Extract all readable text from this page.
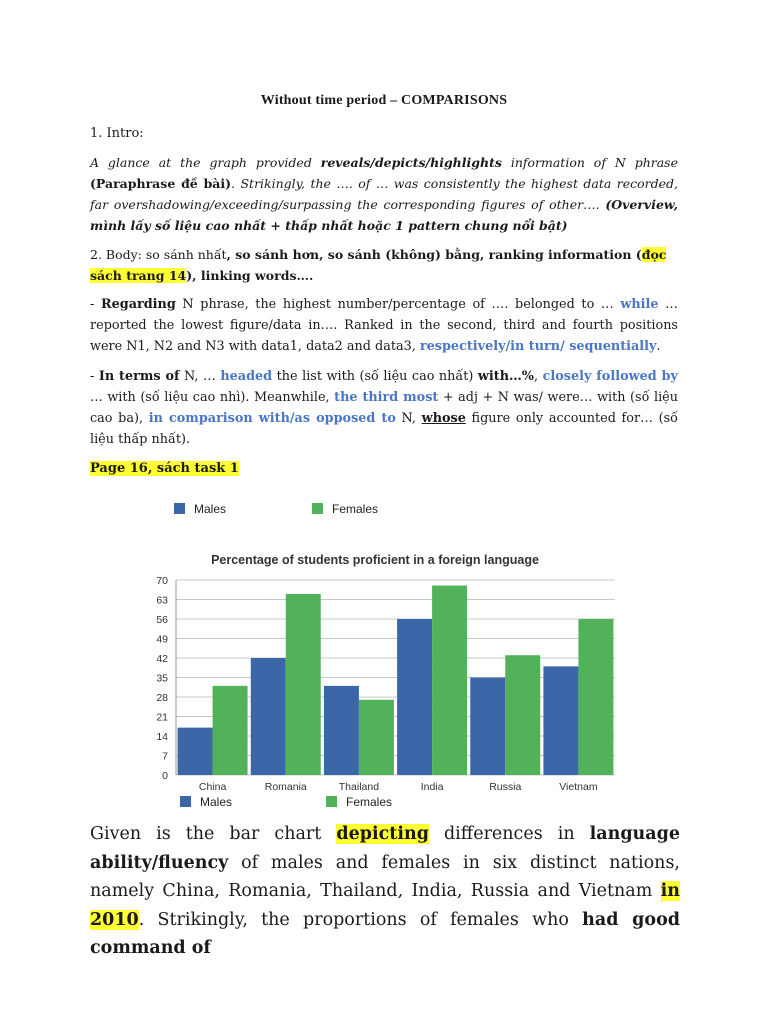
Without time period – COMPARISONS
1. Intro:
A glance at the graph provided reveals/depicts/highlights information of N phrase (Paraphrase đề bài). Strikingly, the …. of … was consistently the highest data recorded, far overshadowing/exceeding/surpassing the corresponding figures of other…. (Overview, mình lấy số liệu cao nhất + thấp nhất hoặc 1 pattern chung nổi bật)
2. Body: so sánh nhất, so sánh hơn, so sánh (không) bằng, ranking information (đọc sách trang 14), linking words….
- Regarding N phrase, the highest number/percentage of …. belonged to … while … reported the lowest figure/data in…. Ranked in the second, third and fourth positions were N1, N2 and N3 with data1, data2 and data3, respectively/in turn/ sequentially.
- In terms of N, … headed the list with (số liệu cao nhất) with…%, closely followed by … with (số liệu cao nhì). Meanwhile, the third most + adj + N was/ were… with (số liệu cao ba), in comparison with/as opposed to N, whose figure only accounted for… (số liệu thấp nhất).
Page 16, sách task 1
Males	Females
Percentage of students proficient in a foreign language
0
7
14
21
28
35
42
49
56
63
70
China	Romania	Thailand	India	Russia	Vietnam
Males	Females
Given is the bar chart depicting differences in language ability/fluency of males and females in six distinct nations, namely China, Romania, Thailand, India, Russia and Vietnam in 2010. Strikingly, the proportions of females who had good command of
